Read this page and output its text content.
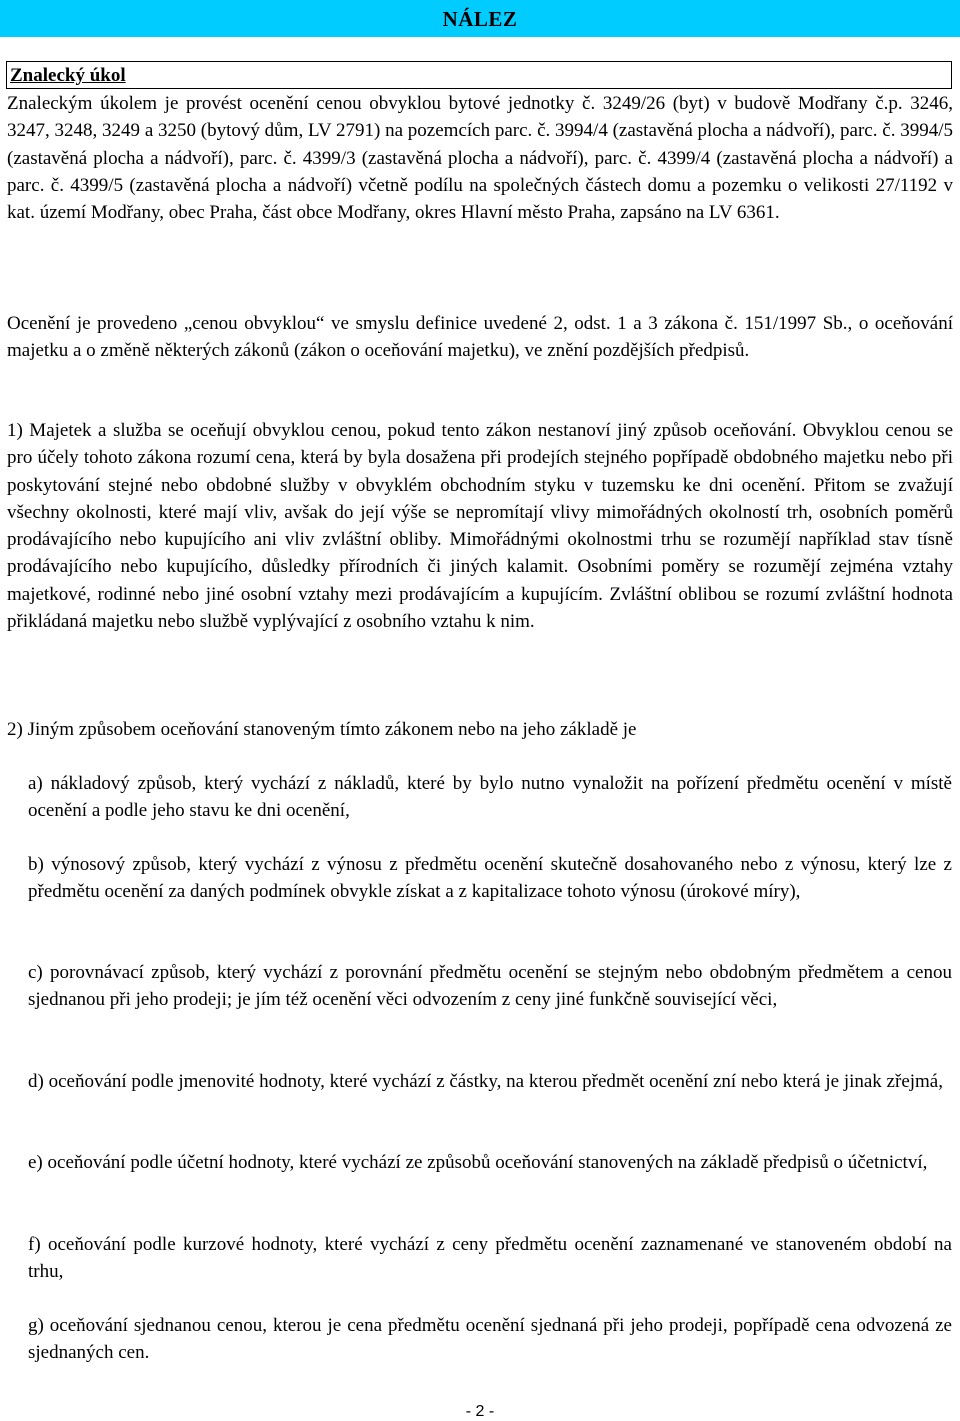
NÁLEZ
Znalecký úkol
Znaleckým úkolem je provést ocenění cenou obvyklou bytové jednotky č. 3249/26 (byt) v budově Modřany č.p. 3246, 3247, 3248, 3249 a 3250 (bytový dům, LV 2791) na pozemcích parc. č. 3994/4 (zastavěná plocha a nádvoří), parc. č. 3994/5 (zastavěná plocha a nádvoří), parc. č. 4399/3 (zastavěná plocha a nádvoří), parc. č. 4399/4 (zastavěná plocha a nádvoří) a parc. č. 4399/5 (zastavěná plocha a nádvoří) včetně podílu na společných částech domu a pozemku o velikosti 27/1192 v kat. území Modřany, obec Praha, část obce Modřany, okres Hlavní město Praha, zapsáno na LV 6361.
Ocenění je provedeno „cenou obvyklou“ ve smyslu definice uvedené 2, odst. 1 a 3 zákona č. 151/1997 Sb., o oceňování majetku a o změně některých zákonů (zákon o oceňování majetku), ve znění pozdějších předpisů.
1) Majetek a služba se oceňují obvyklou cenou, pokud tento zákon nestanoví jiný způsob oceňování. Obvyklou cenou se pro účely tohoto zákona rozumí cena, která by byla dosažena při prodejích stejného popřípadě obdobného majetku nebo při poskytování stejné nebo obdobné služby v obvyklém obchodním styku v tuzemsku ke dni ocenění. Přitom se zvažují všechny okolnosti, které mají vliv, avšak do její výše se nepromítají vlivy mimořádných okolností trh, osobních poměrů prodávajícího nebo kupujícího ani vliv zvláštní obliby. Mimořádnými okolnostmi trhu se rozumějí například stav tísně prodávajícího nebo kupujícího, důsledky přírodních či jiných kalamit. Osobními poměry se rozumějí zejména vztahy majetkové, rodinné nebo jiné osobní vztahy mezi prodávajícím a kupujícím. Zvláštní oblibou se rozumí zvláštní hodnota přikládaná majetku nebo službě vyplývající z osobního vztahu k nim.
2) Jiným způsobem oceňování stanoveným tímto zákonem nebo na jeho základě je
a) nákladový způsob, který vychází z nákladů, které by bylo nutno vynaložit na pořízení předmětu ocenění v místě ocenění a podle jeho stavu ke dni ocenění,
b) výnosový způsob, který vychází z výnosu z předmětu ocenění skutečně dosahovaného nebo z výnosu, který lze z předmětu ocenění za daných podmínek obvykle získat a z kapitalizace tohoto výnosu (úrokové míry),
c) porovnávací způsob, který vychází z porovnání předmětu ocenění se stejným nebo obdobným předmětem a cenou sjednanou při jeho prodeji; je jím též ocenění věci odvozením z ceny jiné funkčně související věci,
d) oceňování podle jmenovité hodnoty, které vychází z částky, na kterou předmět ocenění zní nebo která je jinak zřejmá,
e) oceňování podle účetní hodnoty, které vychází ze způsobů oceňování stanovených na základě předpisů o účetnictví,
f) oceňování podle kurzové hodnoty, které vychází z ceny předmětu ocenění zaznamenané ve stanoveném období na trhu,
g) oceňování sjednanou cenou, kterou je cena předmětu ocenění sjednaná při jeho prodeji, popřípadě cena odvozená ze sjednaných cen.
- 2 -
